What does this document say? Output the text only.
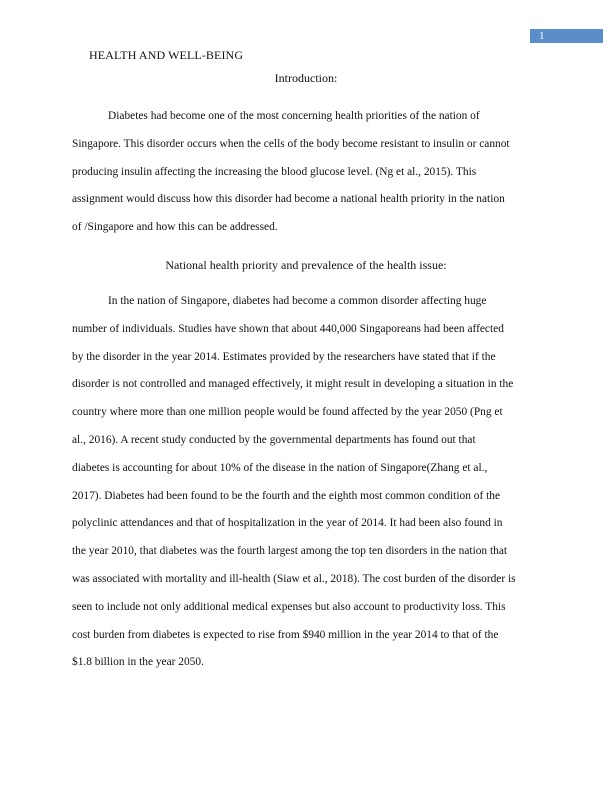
1
HEALTH AND WELL-BEING
Introduction:

Diabetes had become one of the most concerning health priorities of the nation of
Singapore. This disorder occurs when the cells of the body become resistant to insulin or cannot
producing insulin affecting the increasing the blood glucose level. (Ng et al., 2015). This
assignment would discuss how this disorder had become a national health priority in the nation
of /Singapore and how this can be addressed.

National health priority and prevalence of the health issue:

In the nation of Singapore, diabetes had become a common disorder affecting huge
number of individuals. Studies have shown that about 440,000 Singaporeans had been affected
by the disorder in the year 2014. Estimates provided by the researchers have stated that if the
disorder is not controlled and managed effectively, it might result in developing a situation in the
country where more than one million people would be found affected by the year 2050 (Png et
al., 2016). A recent study conducted by the governmental departments has found out that
diabetes is accounting for about 10% of the disease in the nation of Singapore(Zhang et al.,
2017). Diabetes had been found to be the fourth and the eighth most common condition of the
polyclinic attendances and that of hospitalization in the year of 2014. It had been also found in
the year 2010, that diabetes was the fourth largest among the top ten disorders in the nation that
was associated with mortality and ill-health (Siaw et al., 2018). The cost burden of the disorder is
seen to include not only additional medical expenses but also account to productivity loss. This
cost burden from diabetes is expected to rise from $940 million in the year 2014 to that of the
$1.8 billion in the year 2050.
